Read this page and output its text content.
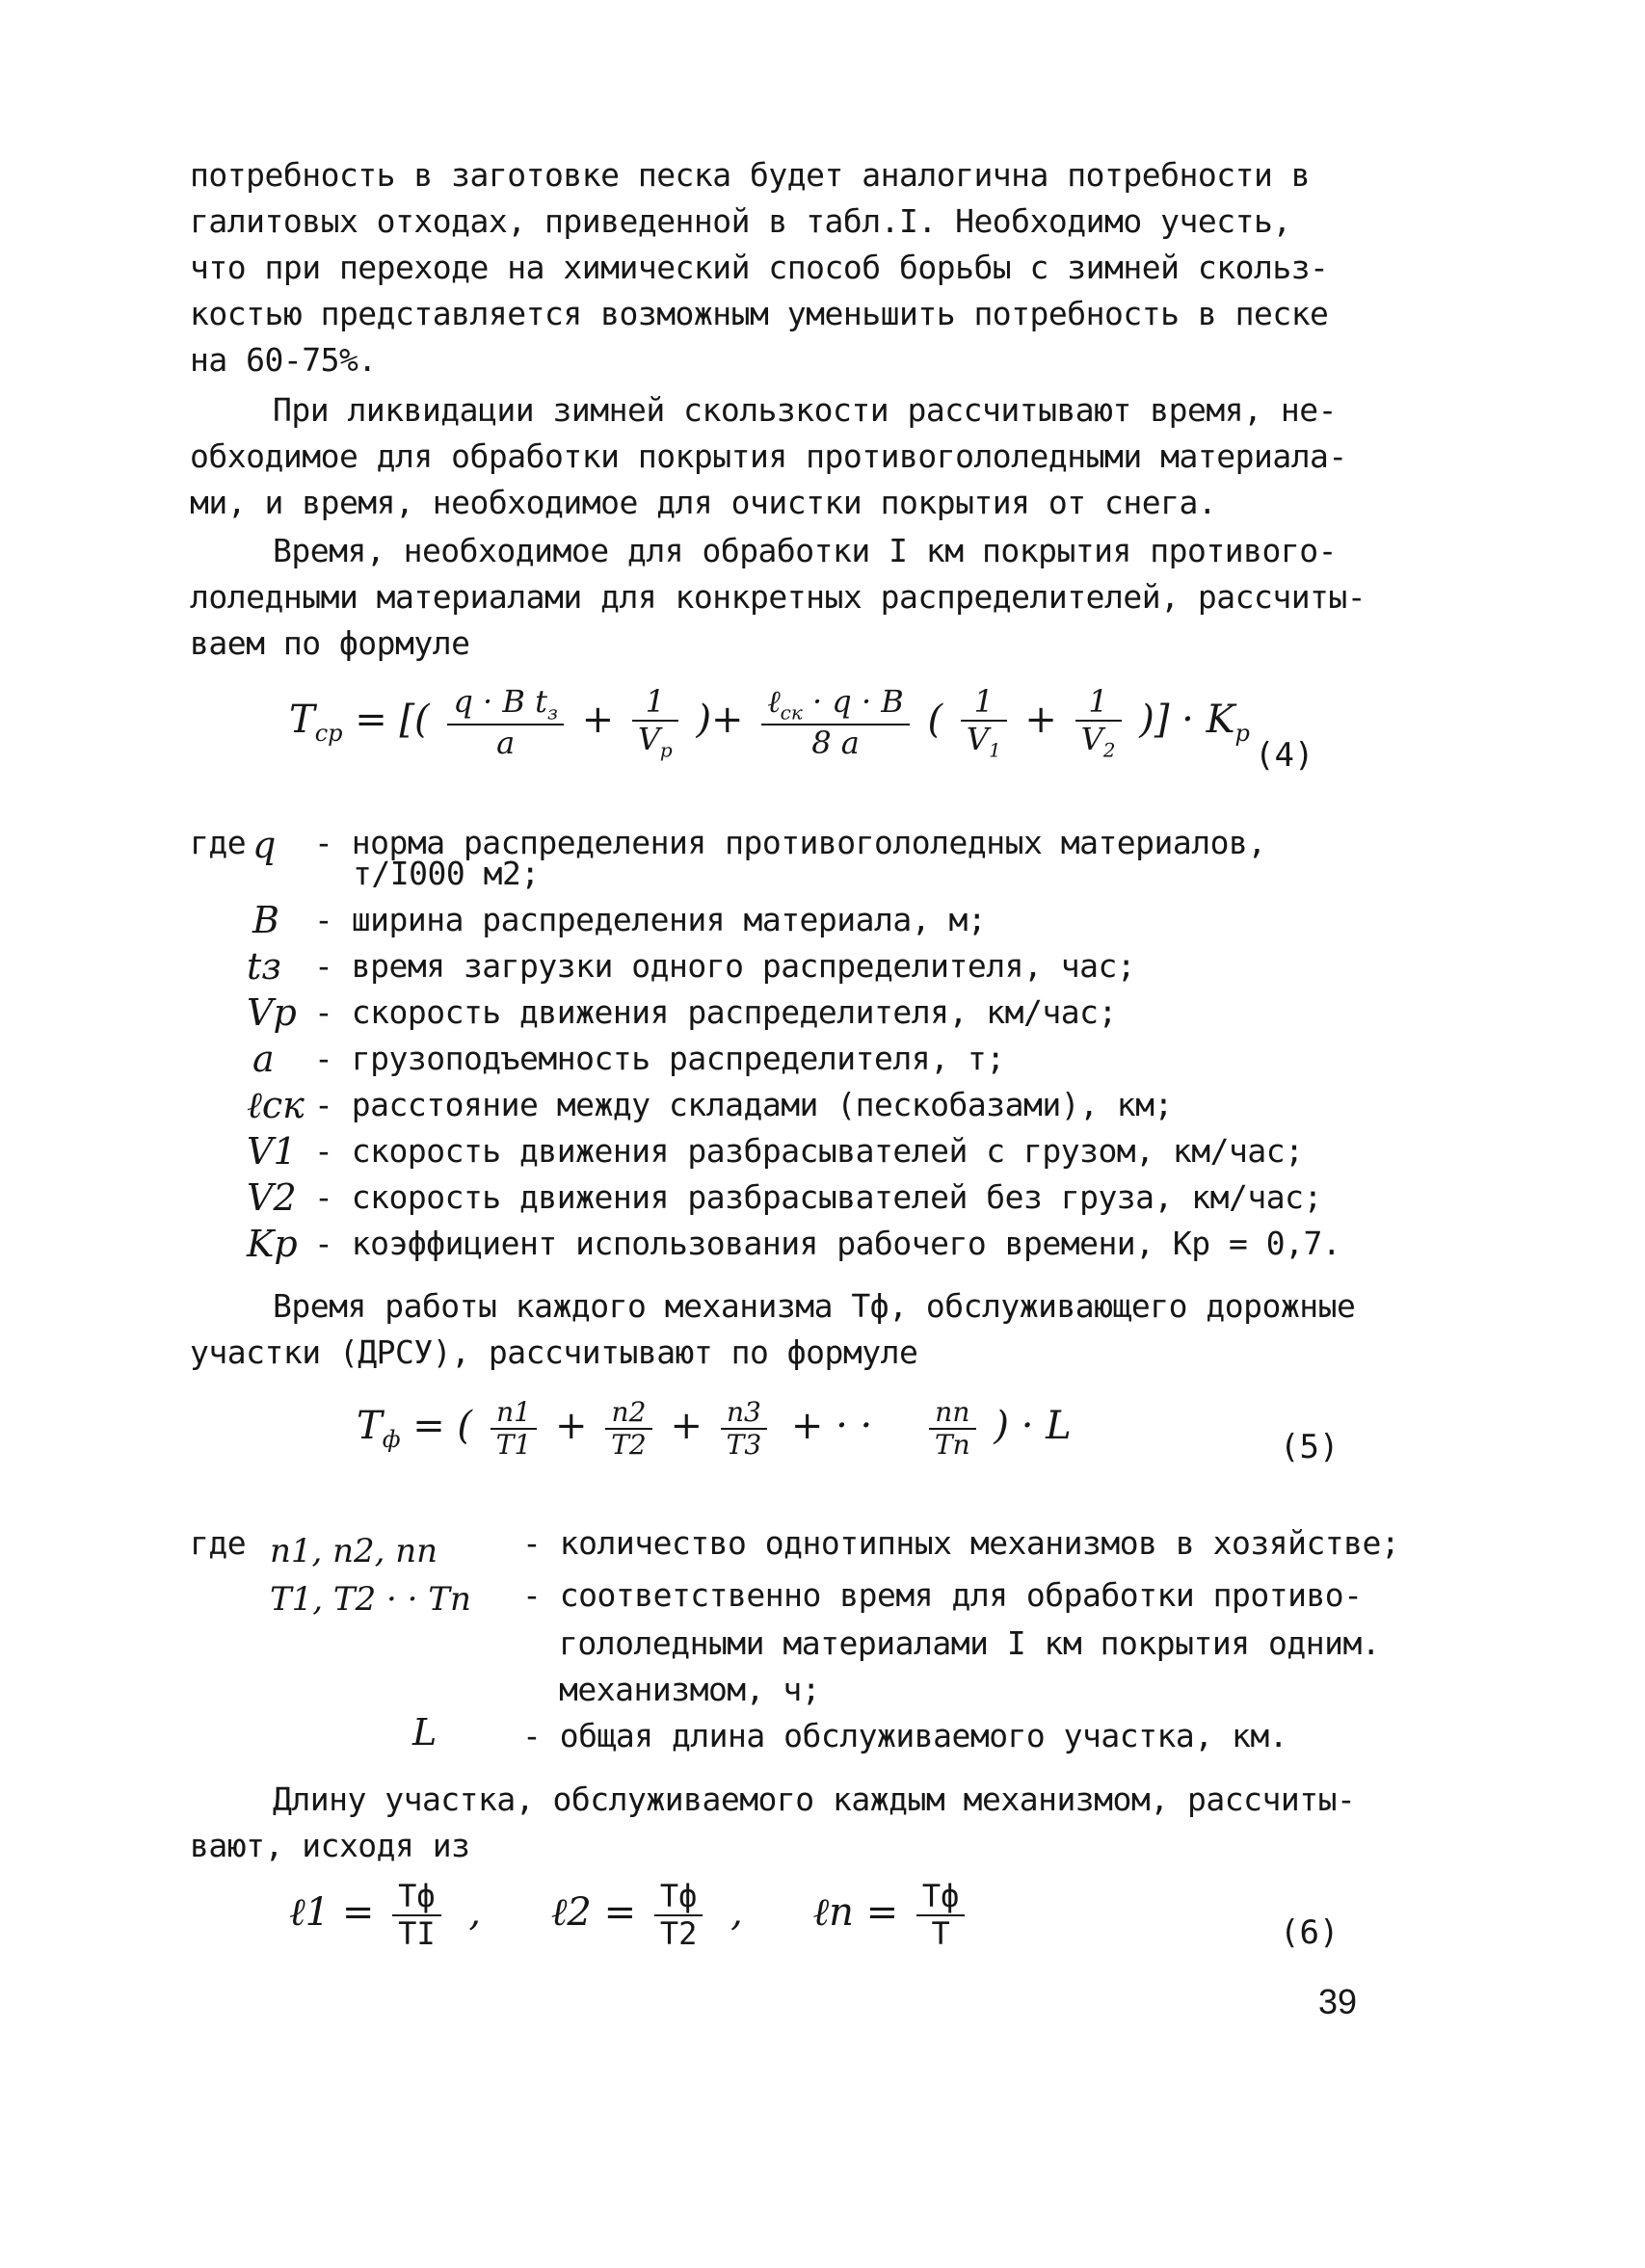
потребность в заготовке песка будет аналогична потребности в
галитовых отходах, приведенной в табл.I. Необходимо учесть,
что при переходе на химический способ борьбы с зимней скольз-
костью представляется возможным уменьшить потребность в песке
на 60-75%.
При ликвидации зимней скользкости рассчитывают время, не-
обходимое для обработки покрытия противогололедными материала-
ми, и время, необходимое для очистки покрытия от снега.
Время, необходимое для обработки I км покрытия противого-
лоледными материалами для конкретных распределителей, рассчиты-
ваем по формуле
$Т_{ср}$ = [( $\frac{q \cdot B t_з}{a} + \frac{1}{V_р}$ )+ $\frac{\ell_{ск} \cdot q \cdot B}{8 a}$ ( $\frac{1}{V_1} + \frac{1}{V_2}$ )] · $K_р$
(4)
где q - норма распределения противогололедных материалов,
т/I000 м2;
B - ширина распределения материала, м;
tз - время загрузки одного распределителя, час;
Vр - скорость движения распределителя, км/час;
a - грузоподъемность распределителя, т;
ℓск - расстояние между складами (пескобазами), км;
V1 - скорость движения разбрасывателей с грузом, км/час;
V2 - скорость движения разбрасывателей без груза, км/час;
Kр - коэффициент использования рабочего времени, Кр = 0,7.
Время работы каждого механизма Тф, обслуживающего дорожные
участки (ДРСУ), рассчитывают по формуле
$Т_ф$ = ( $\frac{n1}{T1} + \frac{n2}{T2} + \frac{n3}{T3}$ + · · $\frac{nn}{Tn}$ ) · L	(5)
где n1, n2, nn	- количество однотипных механизмов в хозяйстве;
T1, T2 · · Tn - соответственно время для обработки противо-
гололедными материалами I км покрытия одним.
механизмом, ч;
L	- общая длина обслуживаемого участка, км.
Длину участка, обслуживаемого каждым механизмом, рассчиты-
вают, исходя из
ℓ1 = $\frac{Тф}{ТI}$ , ℓ2 = $\frac{Тф}{Т2}$ , ℓn = $\frac{Тф}{Т}$	(6)
39
